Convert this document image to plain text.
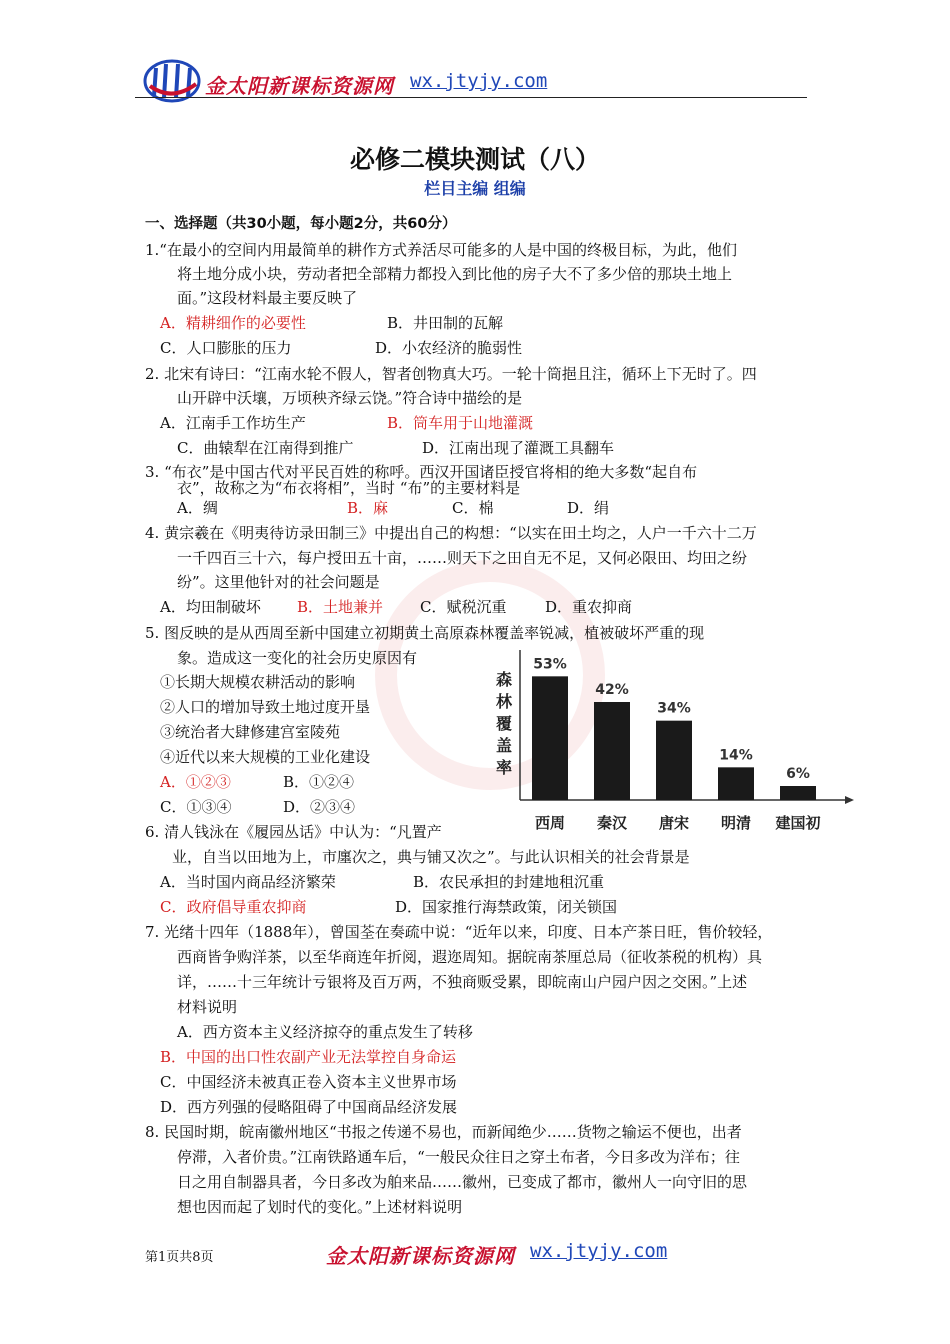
金太阳新课标资源网 wx.jtyjy.com
必修二模块测试（八）
栏目主编 组编
一、选择题（共30小题，每小题2分，共60分）
1.“在最小的空间内用最简单的耕作方式养活尽可能多的人是中国的终极目标，为此，他们
将土地分成小块，劳动者把全部精力都投入到比他的房子大不了多少倍的那块土地上
面。”这段材料最主要反映了
A．精耕细作的必要性	B．井田制的瓦解
C．人口膨胀的压力	D．小农经济的脆弱性
2. 北宋有诗曰：“江南水轮不假人，智者创物真大巧。一轮十筒挹且注，循环上下无时了。四
山开辟中沃壤，万顷秧齐绿云饶。”符合诗中描绘的是
A．江南手工作坊生产	B．筒车用于山地灌溉
C．曲辕犁在江南得到推广	D．江南出现了灌溉工具翻车
3. “布衣”是中国古代对平民百姓的称呼。西汉开国诸臣授官将相的绝大多数“起自布
衣”，故称之为“布衣将相”，当时 “布”的主要材料是
A．绸	B．麻	C．棉	D．绢
4. 黄宗羲在《明夷待访录田制三》中提出自己的构想：“以实在田土均之，人户一千六十二万
一千四百三十六，每户授田五十亩，……则天下之田自无不足，又何必限田、均田之纷
纷”。这里他针对的社会问题是
A．均田制破坏 B．土地兼并 C．赋税沉重	D．重农抑商
5. 图反映的是从西周至新中国建立初期黄土高原森林覆盖率锐减，植被破坏严重的现
象。造成这一变化的社会历史原因有
①长期大规模农耕活动的影响
②人口的增加导致土地过度开垦
③统治者大肆修建宫室陵苑
④近代以来大规模的工业化建设
A．①②③	B．①②④
C．①③④	D．②③④
森林覆盖率
53%
西周
42%
秦汉
34%
唐宋
14%
明清
6%
建国初
6. 清人钱泳在《履园丛话》中认为：“凡置产
业，自当以田地为上，市廛次之，典与铺又次之”。与此认识相关的社会背景是
A．当时国内商品经济繁荣	B．农民承担的封建地租沉重
C．政府倡导重农抑商	D．国家推行海禁政策，闭关锁国
7. 光绪十四年（1888年），曾国荃在奏疏中说：“近年以来，印度、日本产茶日旺，售价较轻，
西商皆争购洋茶，以至华商连年折阅，遐迩周知。据皖南茶厘总局（征收茶税的机构）具
详，……十三年统计亏银将及百万两，不独商贩受累，即皖南山户园户因之交困。”上述
材料说明
A．西方资本主义经济掠夺的重点发生了转移
B．中国的出口性农副产业无法掌控自身命运
C．中国经济未被真正卷入资本主义世界市场
D．西方列强的侵略阻碍了中国商品经济发展
8. 民国时期，皖南徽州地区“书报之传递不易也，而新闻绝少……货物之输运不便也，出者
停滞，入者价贵。”江南铁路通车后，“一般民众往日之穿土布者，今日多改为洋布；往
日之用自制器具者，今日多改为舶来品……徽州，已变成了都市，徽州人一向守旧的思
想也因而起了划时代的变化。”上述材料说明
第1页共8页	金太阳新课标资源网 wx.jtyjy.com
